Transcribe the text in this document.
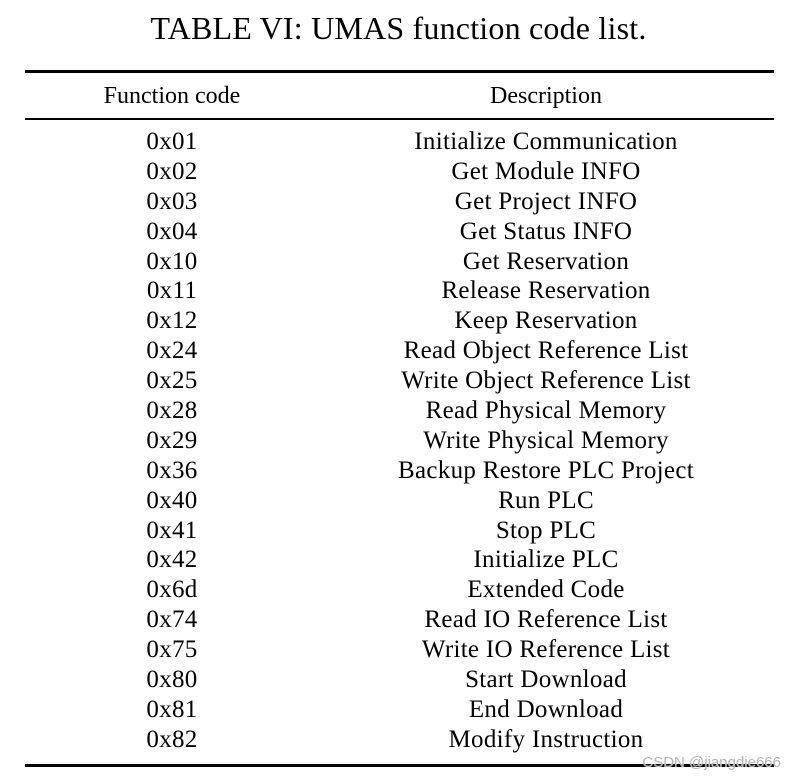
TABLE VI: UMAS function code list.
Function code	Description
0x01	Initialize Communication
0x02	Get Module INFO
0x03	Get Project INFO
0x04	Get Status INFO
0x10	Get Reservation
0x11	Release Reservation
0x12	Keep Reservation
0x24	Read Object Reference List
0x25	Write Object Reference List
0x28	Read Physical Memory
0x29	Write Physical Memory
0x36	Backup Restore PLC Project
0x40	Run PLC
0x41	Stop PLC
0x42	Initialize PLC
0x6d	Extended Code
0x74	Read IO Reference List
0x75	Write IO Reference List
0x80	Start Download
0x81	End Download
0x82	Modify Instruction
CSDN @jiangdie666
